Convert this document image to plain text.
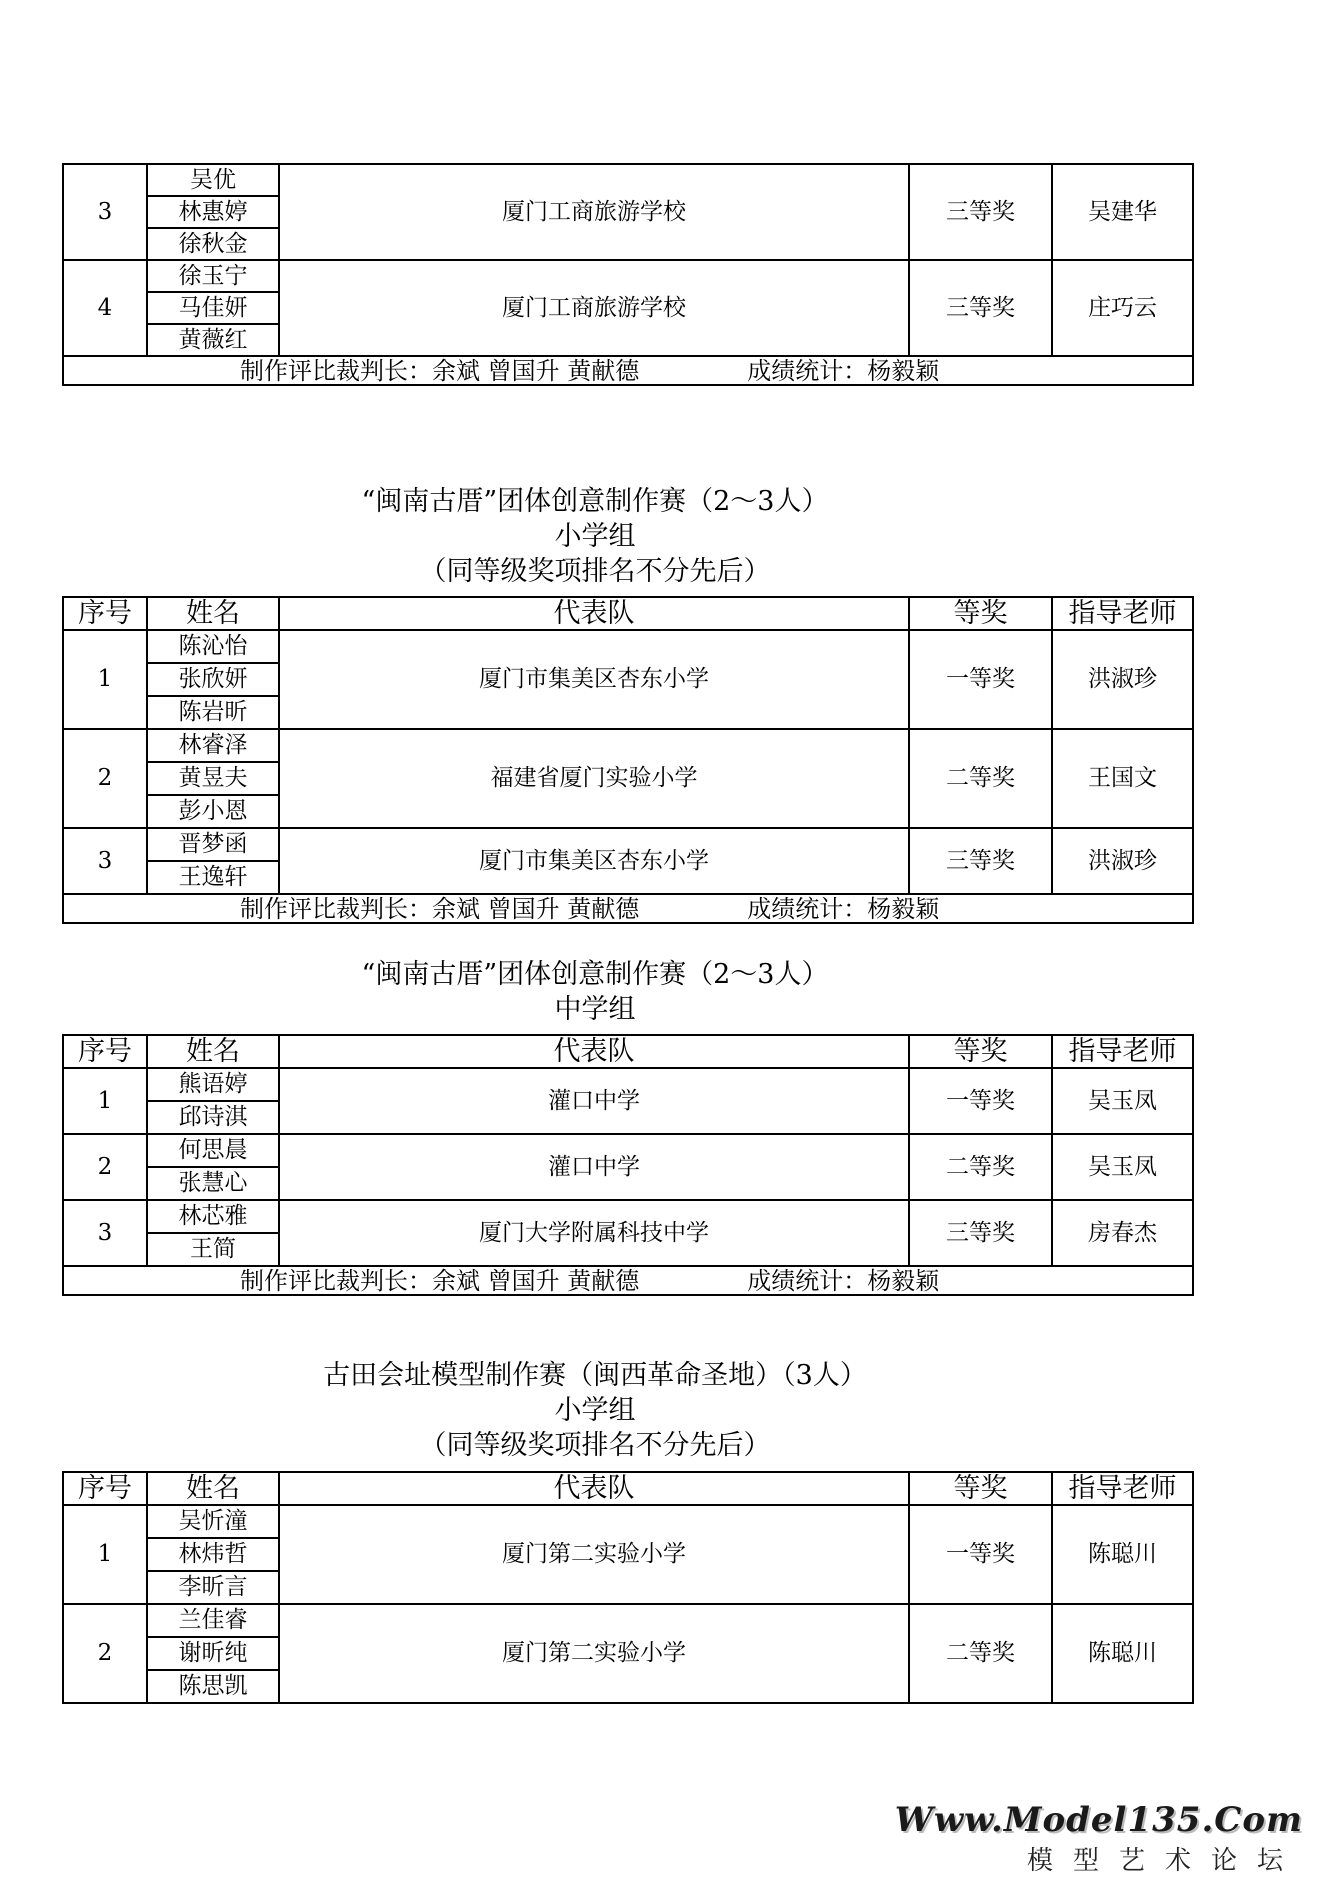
3	吴优	厦门工商旅游学校	三等奖	吴建华
	林惠婷			
	徐秋金			
4	徐玉宁	厦门工商旅游学校	三等奖	庄巧云
	马佳妍			
	黄薇红			
制作评比裁判长：余斌 曾国升 黄献德 成绩统计：杨毅颖				
“闽南古厝”团体创意制作赛（2～3人）
小学组
（同等级奖项排名不分先后）
序号	姓名	代表队	等奖	指导老师
1	陈沁怡	厦门市集美区杏东小学	一等奖	洪淑珍
	张欣妍			
	陈岩昕			
2	林睿泽	福建省厦门实验小学	二等奖	王国文
	黄昱夫			
	彭小恩			
3	晋梦函	厦门市集美区杏东小学	三等奖	洪淑珍
	王逸轩			
制作评比裁判长：余斌 曾国升 黄献德 成绩统计：杨毅颖				
“闽南古厝”团体创意制作赛（2～3人）
中学组
序号	姓名	代表队	等奖	指导老师
1	熊语婷	灌口中学	一等奖	吴玉凤
	邱诗淇			
2	何思晨	灌口中学	二等奖	吴玉凤
	张慧心			
3	林芯雅	厦门大学附属科技中学	三等奖	房春杰
	王简			
制作评比裁判长：余斌 曾国升 黄献德 成绩统计：杨毅颖				
古田会址模型制作赛（闽西革命圣地）（3人）
小学组
（同等级奖项排名不分先后）
序号	姓名	代表队	等奖	指导老师
1	吴忻潼	厦门第二实验小学	一等奖	陈聪川
	林炜哲			
	李昕言			
2	兰佳睿	厦门第二实验小学	二等奖	陈聪川
	谢昕纯			
	陈思凯			
Www.Model135.Com
模型艺术论坛
